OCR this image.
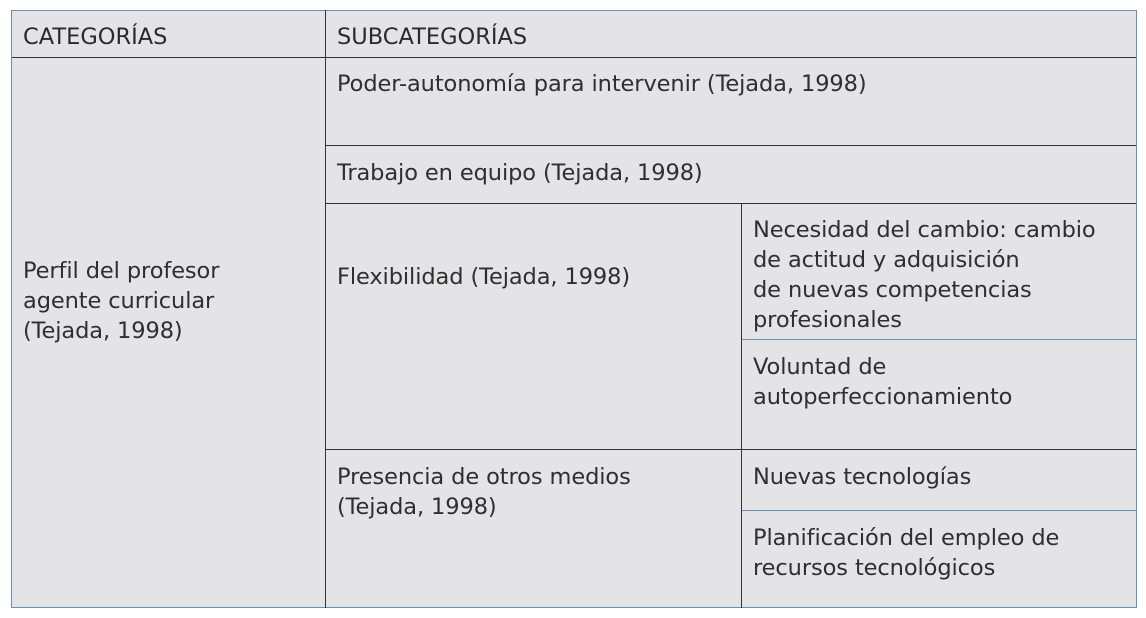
CATEGORÍAS	SUBCATEGORÍAS
Perfil del profesor
agente curricular
(Tejada, 1998)
Poder-autonomía para intervenir (Tejada, 1998)
Trabajo en equipo (Tejada, 1998)
Flexibilidad (Tejada, 1998)
Necesidad del cambio: cambio
de actitud y adquisición
de nuevas competencias
profesionales
Voluntad de
autoperfeccionamiento
Presencia de otros medios
(Tejada, 1998)
Nuevas tecnologías
Planificación del empleo de
recursos tecnológicos
